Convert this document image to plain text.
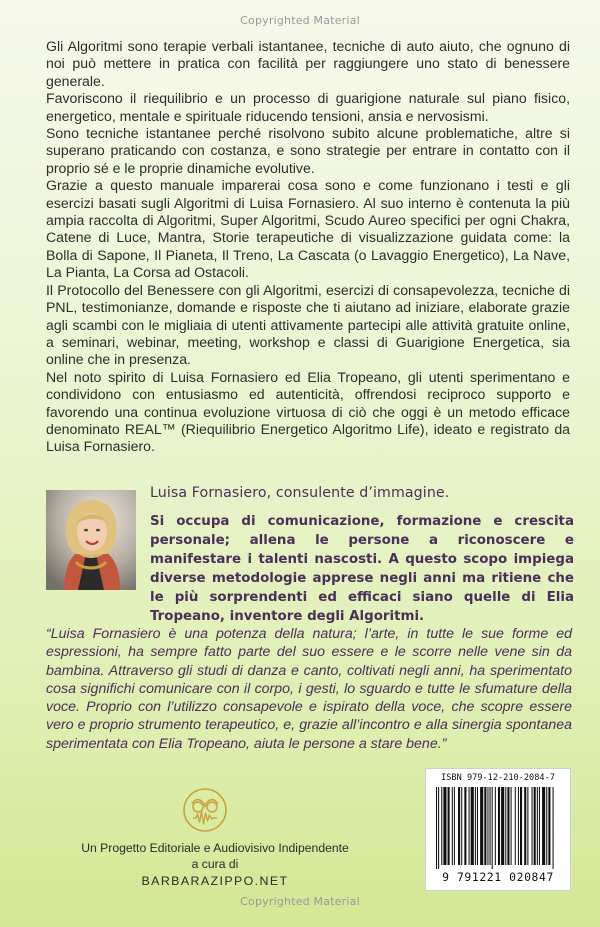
Copyrighted Material

Gli Algoritmi sono terapie verbali istantanee, tecniche di auto aiuto, che ognuno di noi può mettere in pratica con facilità per raggiungere uno stato di benessere generale.

Favoriscono il riequilibrio e un processo di guarigione naturale sul piano fisico, energetico, mentale e spirituale riducendo tensioni, ansia e nervosismi.

Sono tecniche istantanee perché risolvono subito alcune problematiche, altre si superano praticando con costanza, e sono strategie per entrare in contatto con il proprio sé e le proprie dinamiche evolutive.

Grazie a questo manuale imparerai cosa sono e come funzionano i testi e gli esercizi basati sugli Algoritmi di Luisa Fornasiero. Al suo interno è contenuta la più ampia raccolta di Algoritmi, Super Algoritmi, Scudo Aureo specifici per ogni Chakra, Catene di Luce, Mantra, Storie terapeutiche di visualizzazione guidata come: la Bolla di Sapone, Il Pianeta, Il Treno, La Cascata (o Lavaggio Energetico), La Nave, La Pianta, La Corsa ad Ostacoli.

Il Protocollo del Benessere con gli Algoritmi, esercizi di consapevolezza, tecniche di PNL, testimonianze, domande e risposte che ti aiutano ad iniziare, elaborate grazie agli scambi con le migliaia di utenti attivamente partecipi alle attività gratuite online, a seminari, webinar, meeting, workshop e classi di Guarigione Energetica, sia online che in presenza.

Nel noto spirito di Luisa Fornasiero ed Elia Tropeano, gli utenti sperimentano e condividono con entusiasmo ed autenticità, offrendosi reciproco supporto e favorendo una continua evoluzione virtuosa di ciò che oggi è un metodo efficace denominato REAL™ (Riequilibrio Energetico Algoritmo Life), ideato e registrato da Luisa Fornasiero.

Luisa Fornasiero, consulente d’immagine.

Si occupa di comunicazione, formazione e crescita personale; allena le persone a riconoscere e manifestare i talenti nascosti. A questo scopo impiega diverse metodologie apprese negli anni ma ritiene che le più sorprendenti ed efficaci siano quelle di Elia Tropeano, inventore degli Algoritmi.

“Luisa Fornasiero è una potenza della natura; l’arte, in tutte le sue forme ed espressioni, ha sempre fatto parte del suo essere e le scorre nelle vene sin da bambina. Attraverso gli studi di danza e canto, coltivati negli anni, ha sperimentato cosa significhi comunicare con il corpo, i gesti, lo sguardo e tutte le sfumature della voce. Proprio con l’utilizzo consapevole e ispirato della voce, che scopre essere vero e proprio strumento terapeutico, e, grazie all’incontro e alla sinergia spontanea sperimentata con Elia Tropeano, aiuta le persone a stare bene.”

Un Progetto Editoriale e Audiovisivo Indipendente
a cura di
BARBARAZIPPO.NET
ISBN 979-12-210-2084-7
9 791221 020847
Copyrighted Material
